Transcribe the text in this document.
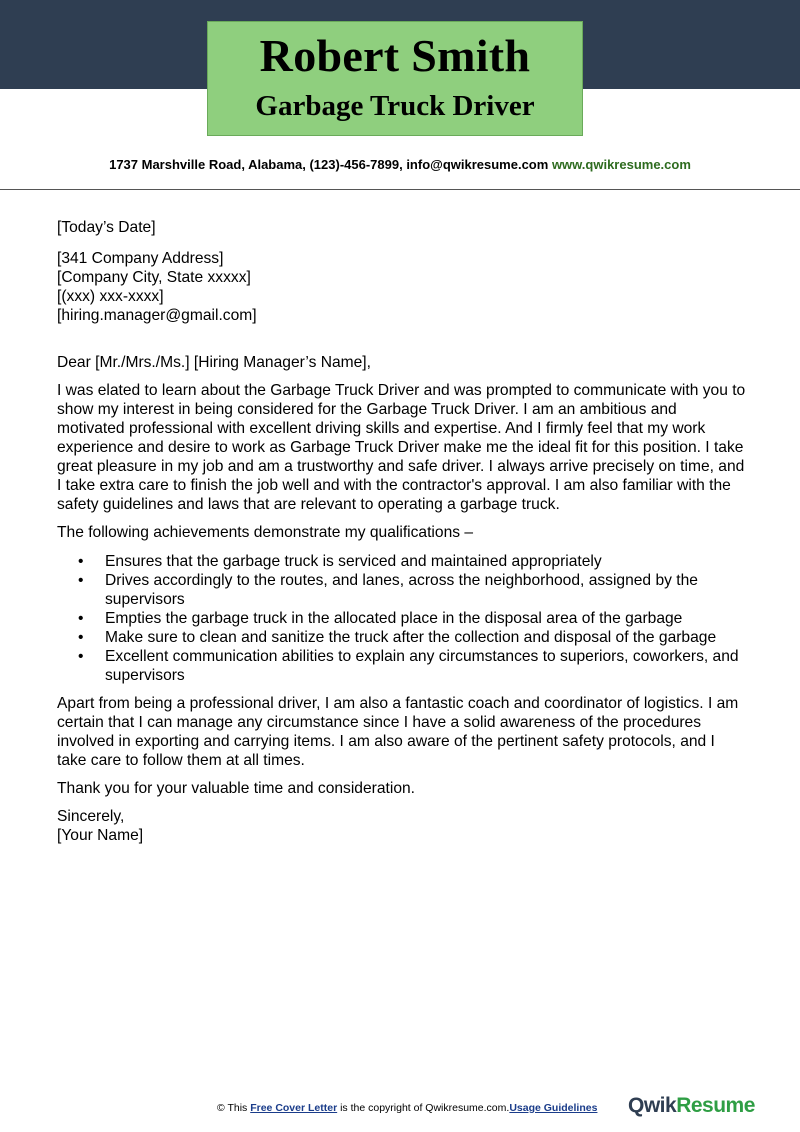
Robert Smith
Garbage Truck Driver
1737 Marshville Road, Alabama, (123)-456-7899, info@qwikresume.com www.qwikresume.com

[Today’s Date]

[341 Company Address]

[Company City, State xxxxx]

[(xxx) xxx-xxxx]

[hiring.manager@gmail.com]

Dear [Mr./Mrs./Ms.] [Hiring Manager’s Name],

I was elated to learn about the Garbage Truck Driver and was prompted to communicate with you to show my interest in being considered for the Garbage Truck Driver. I am an ambitious and motivated professional with excellent driving skills and expertise. And I firmly feel that my work experience and desire to work as Garbage Truck Driver make me the ideal fit for this position. I take great pleasure in my job and am a trustworthy and safe driver. I always arrive precisely on time, and I take extra care to finish the job well and with the contractor's approval. I am also familiar with the safety guidelines and laws that are relevant to operating a garbage truck.

The following achievements demonstrate my qualifications –

• Ensures that the garbage truck is serviced and maintained appropriately
• Drives accordingly to the routes, and lanes, across the neighborhood, assigned by the supervisors
• Empties the garbage truck in the allocated place in the disposal area of the garbage
• Make sure to clean and sanitize the truck after the collection and disposal of the garbage
• Excellent communication abilities to explain any circumstances to superiors, coworkers, and supervisors

Apart from being a professional driver, I am also a fantastic coach and coordinator of logistics. I am certain that I can manage any circumstance since I have a solid awareness of the procedures involved in exporting and carrying items. I am also aware of the pertinent safety protocols, and I take care to follow them at all times.

Thank you for your valuable time and consideration.

Sincerely,

[Your Name]

© This Free Cover Letter is the copyright of Qwikresume.com.Usage Guidelines QwikResume
